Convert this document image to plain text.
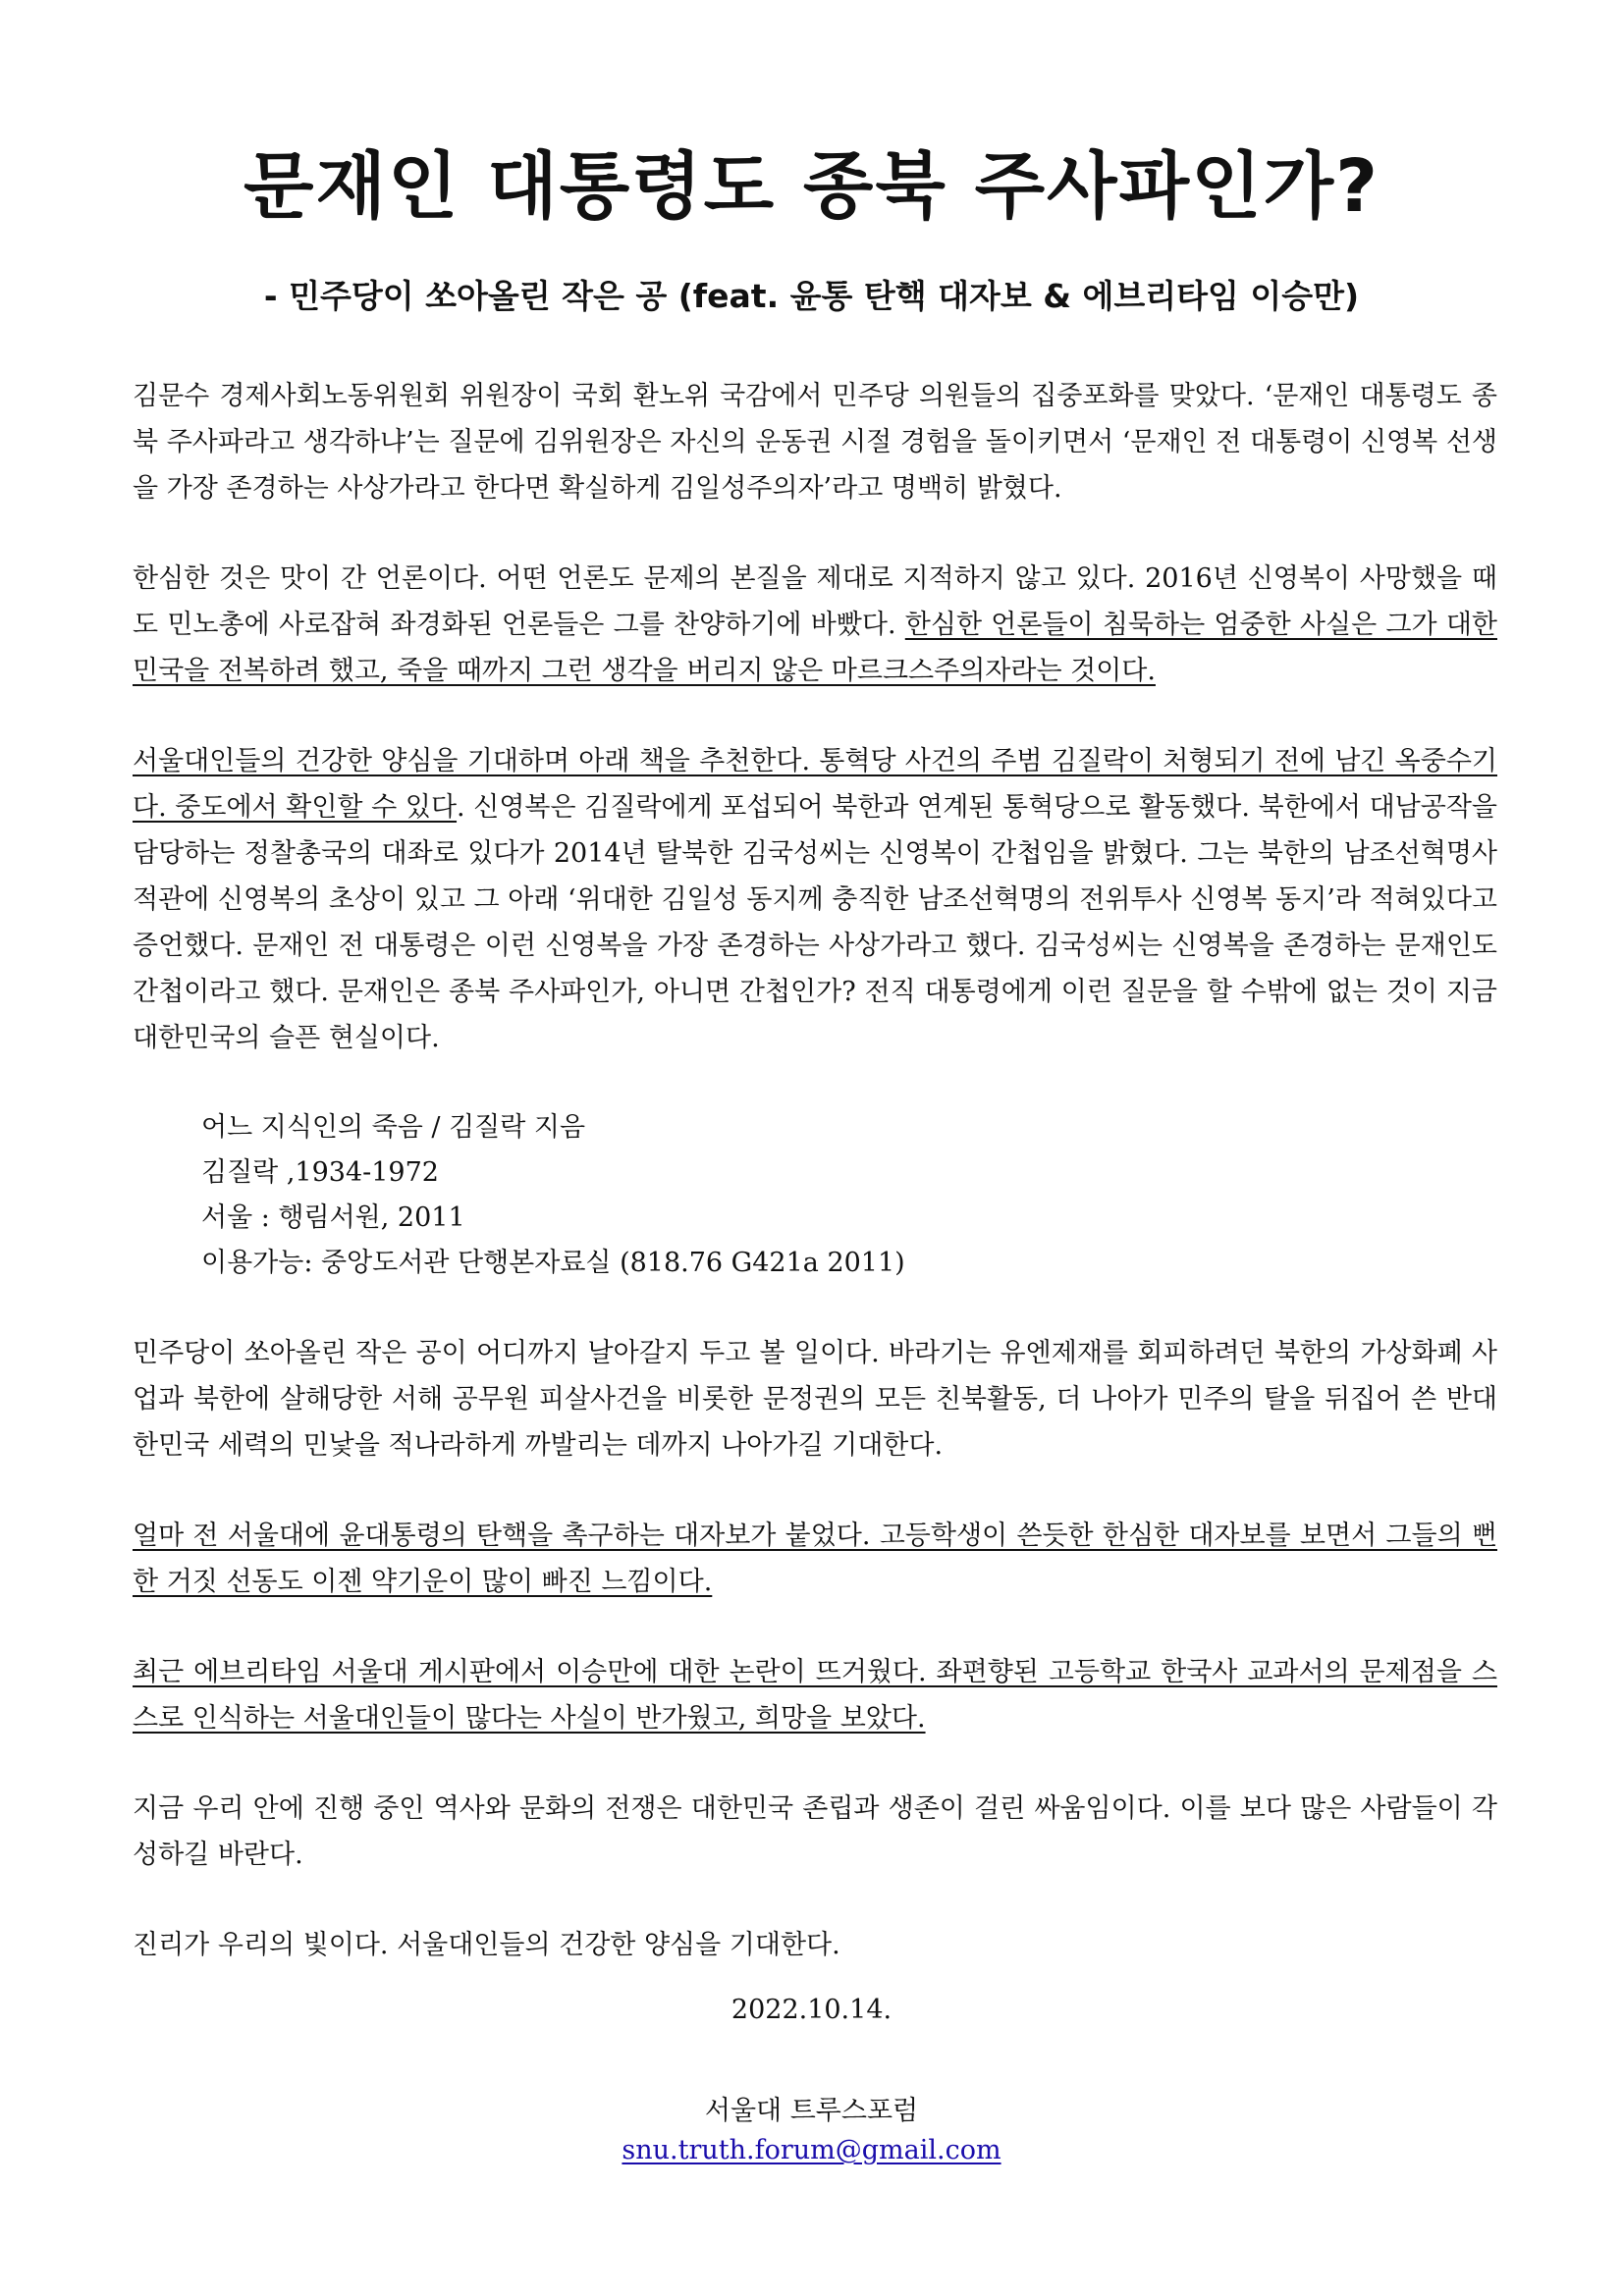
문재인 대통령도 종북 주사파인가?
- 민주당이 쏘아올린 작은 공 (feat. 윤통 탄핵 대자보 & 에브리타임 이승만)

김문수 경제사회노동위원회 위원장이 국회 환노위 국감에서 민주당 의원들의 집중포화를 맞았다. ‘문재인 대통령도 종북 주사파라고 생각하냐’는 질문에 김위원장은 자신의 운동권 시절 경험을 돌이키면서 ‘문재인 전 대통령이 신영복 선생을 가장 존경하는 사상가라고 한다면 확실하게 김일성주의자’라고 명백히 밝혔다.

한심한 것은 맛이 간 언론이다. 어떤 언론도 문제의 본질을 제대로 지적하지 않고 있다. 2016년 신영복이 사망했을 때도 민노총에 사로잡혀 좌경화된 언론들은 그를 찬양하기에 바빴다. 한심한 언론들이 침묵하는 엄중한 사실은 그가 대한민국을 전복하려 했고, 죽을 때까지 그런 생각을 버리지 않은 마르크스주의자라는 것이다.

서울대인들의 건강한 양심을 기대하며 아래 책을 추천한다. 통혁당 사건의 주범 김질락이 처형되기 전에 남긴 옥중수기다. 중도에서 확인할 수 있다. 신영복은 김질락에게 포섭되어 북한과 연계된 통혁당으로 활동했다. 북한에서 대남공작을 담당하는 정찰총국의 대좌로 있다가 2014년 탈북한 김국성씨는 신영복이 간첩임을 밝혔다. 그는 북한의 남조선혁명사적관에 신영복의 초상이 있고 그 아래 ‘위대한 김일성 동지께 충직한 남조선혁명의 전위투사 신영복 동지’라 적혀있다고 증언했다. 문재인 전 대통령은 이런 신영복을 가장 존경하는 사상가라고 했다. 김국성씨는 신영복을 존경하는 문재인도 간첩이라고 했다. 문재인은 종북 주사파인가, 아니면 간첩인가? 전직 대통령에게 이런 질문을 할 수밖에 없는 것이 지금 대한민국의 슬픈 현실이다.

어느 지식인의 죽음 / 김질락 지음
김질락 ,1934-1972
서울 : 행림서원, 2011
이용가능: 중앙도서관 단행본자료실 (818.76 G421a 2011)

민주당이 쏘아올린 작은 공이 어디까지 날아갈지 두고 볼 일이다. 바라기는 유엔제재를 회피하려던 북한의 가상화폐 사업과 북한에 살해당한 서해 공무원 피살사건을 비롯한 문정권의 모든 친북활동, 더 나아가 민주의 탈을 뒤집어 쓴 반대한민국 세력의 민낯을 적나라하게 까발리는 데까지 나아가길 기대한다.

얼마 전 서울대에 윤대통령의 탄핵을 촉구하는 대자보가 붙었다. 고등학생이 쓴듯한 한심한 대자보를 보면서 그들의 뻔한 거짓 선동도 이젠 약기운이 많이 빠진 느낌이다.

최근 에브리타임 서울대 게시판에서 이승만에 대한 논란이 뜨거웠다. 좌편향된 고등학교 한국사 교과서의 문제점을 스스로 인식하는 서울대인들이 많다는 사실이 반가웠고, 희망을 보았다.

지금 우리 안에 진행 중인 역사와 문화의 전쟁은 대한민국 존립과 생존이 걸린 싸움임이다. 이를 보다 많은 사람들이 각성하길 바란다.

진리가 우리의 빛이다. 서울대인들의 건강한 양심을 기대한다.

2022.10.14.
서울대 트루스포럼
snu.truth.forum@gmail.com
